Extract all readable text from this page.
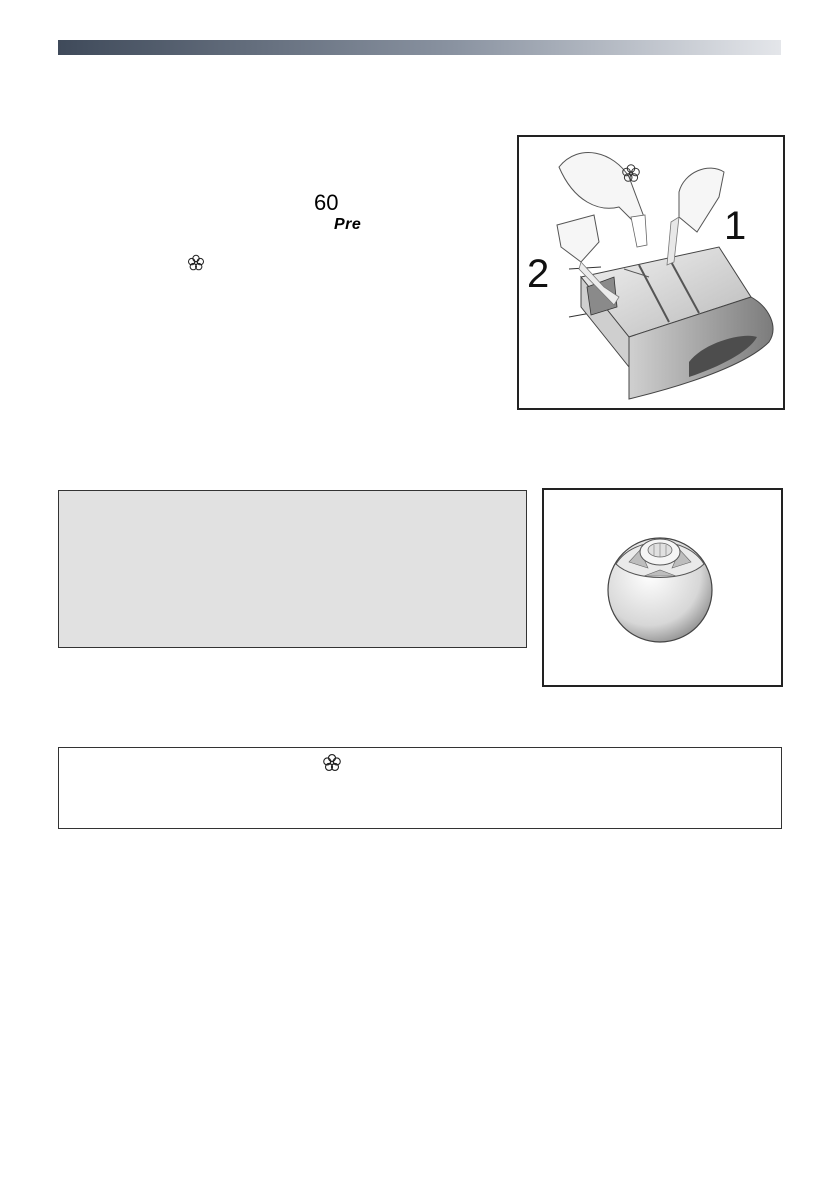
60
Pre	1
2
